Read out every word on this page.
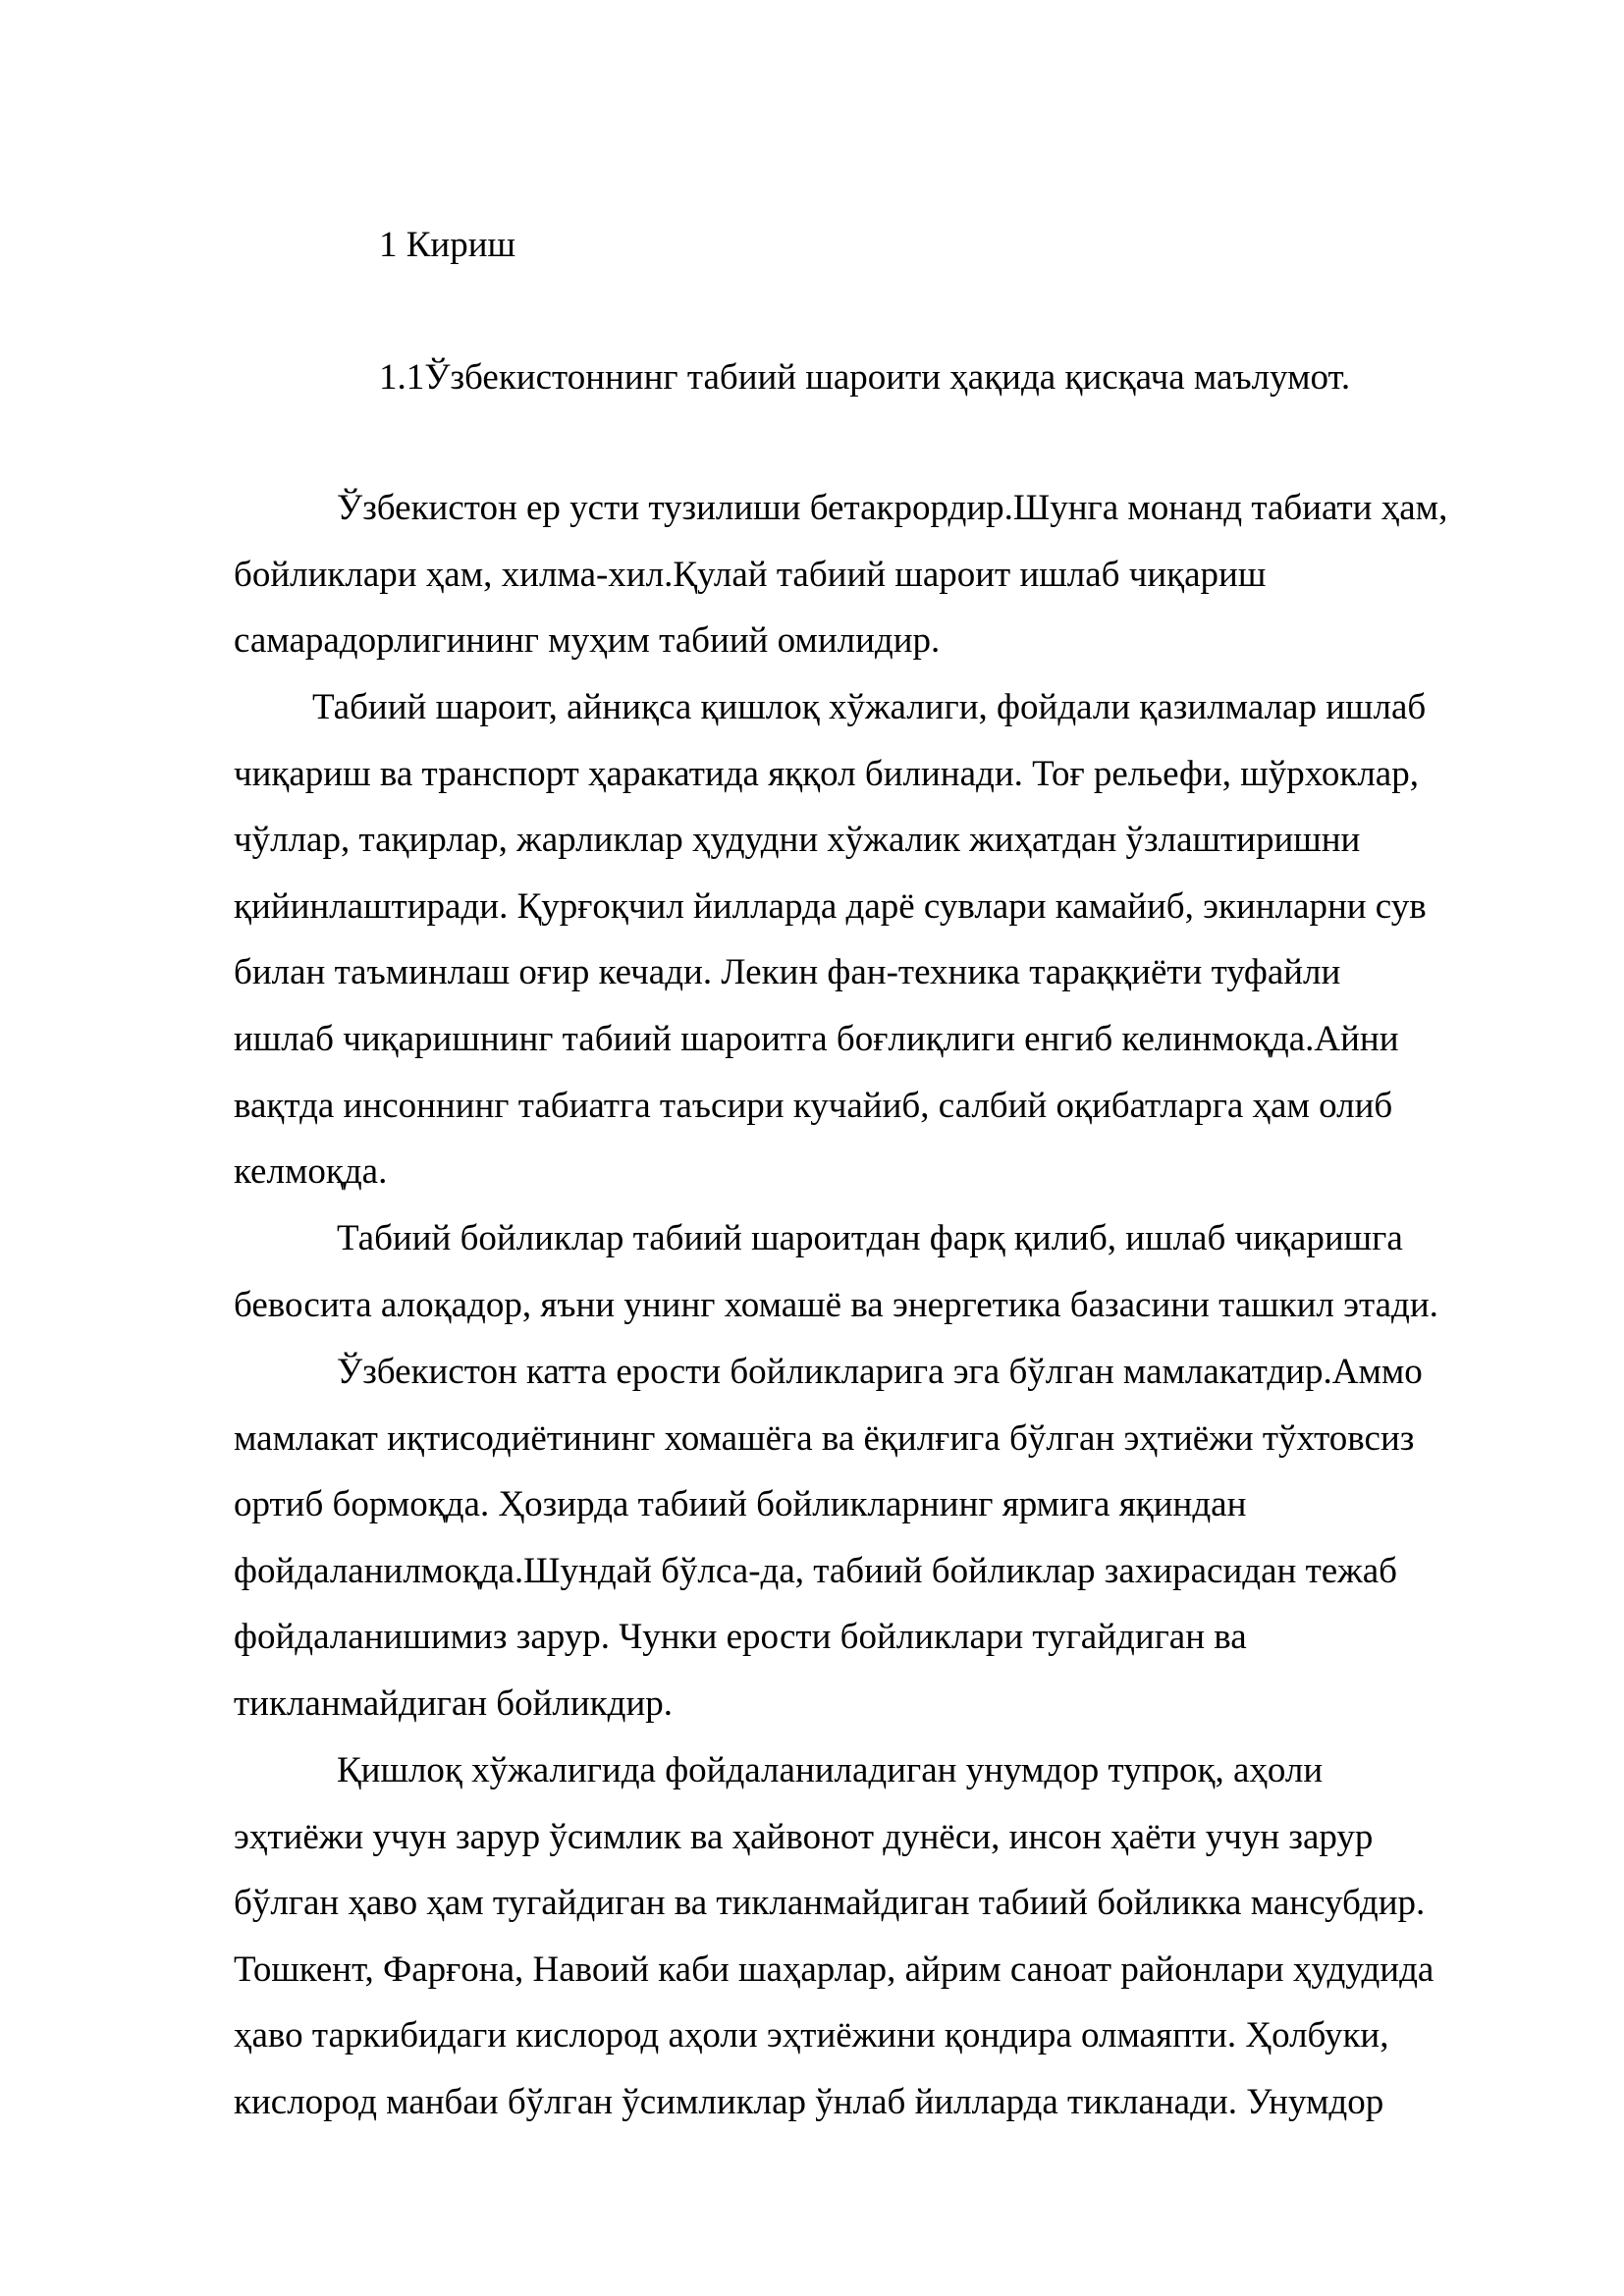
1 Кириш
1.1Ўзбекистоннинг табиий шароити ҳақида қисқача маълумот.
Ўзбекистон ер усти тузилиши бетакрордир.Шунга монанд табиати ҳам,
бойликлари ҳам, хилма-хил.Қулай табиий шароит ишлаб чиқариш
самарадорлигининг муҳим табиий омилидир.
Табиий шароит, айниқса қишлоқ хўжалиги, фойдали қазилмалар ишлаб
чиқариш ва транспорт ҳаракатида яққол билинади. Тоғ рельефи, шўрхоклар,
чўллар, тақирлар, жарликлар ҳудудни хўжалик жиҳатдан ўзлаштиришни
қийинлаштиради. Қурғоқчил йилларда дарё сувлари камайиб, экинларни сув
билан таъминлаш оғир кечади. Лекин фан-техника тараққиёти туфайли
ишлаб чиқаришнинг табиий шароитга боғлиқлиги енгиб келинмоқда.Айни
вақтда инсоннинг табиатга таъсири кучайиб, салбий оқибатларга ҳам олиб
келмоқда.
Табиий бойликлар табиий шароитдан фарқ қилиб, ишлаб чиқаришга
бевосита алоқадор, яъни унинг хомашё ва энергетика базасини ташкил этади.
Ўзбекистон катта ерости бойликларига эга бўлган мамлакатдир.Аммо
мамлакат иқтисодиётининг хомашёга ва ёқилғига бўлган эҳтиёжи тўхтовсиз
ортиб бормоқда. Ҳозирда табиий бойликларнинг ярмига яқиндан
фойдаланилмоқда.Шундай бўлса-да, табиий бойликлар захирасидан тежаб
фойдаланишимиз зарур. Чунки ерости бойликлари тугайдиган ва
тикланмайдиган бойликдир.
Қишлоқ хўжалигида фойдаланиладиган унумдор тупроқ, аҳоли
эҳтиёжи учун зарур ўсимлик ва ҳайвонот дунёси, инсон ҳаёти учун зарур
бўлган ҳаво ҳам тугайдиган ва тикланмайдиган табиий бойликка мансубдир.
Тошкент, Фарғона, Навоий каби шаҳарлар, айрим саноат районлари ҳудудида
ҳаво таркибидаги кислород аҳоли эҳтиёжини қондира олмаяпти. Ҳолбуки,
кислород манбаи бўлган ўсимликлар ўнлаб йилларда тикланади. Унумдор
